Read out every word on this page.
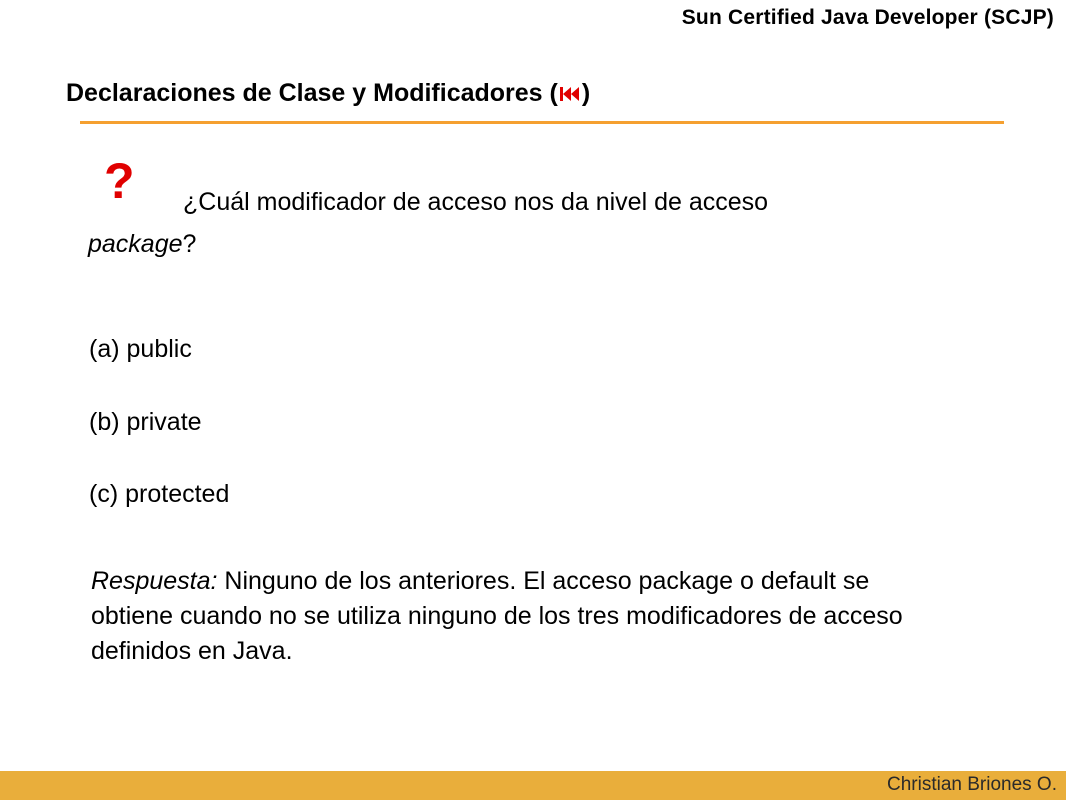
Sun Certified Java Developer (SCJP)
Declaraciones de Clase y Modificadores ( )
?	¿Cuál modificador de acceso nos da nivel de acceso
package?
(a) public
(b) private
(c) protected
Respuesta: Ninguno de los anteriores. El acceso package o default se obtiene cuando no se utiliza ninguno de los tres modificadores de acceso definidos en Java.
Christian Briones O.
